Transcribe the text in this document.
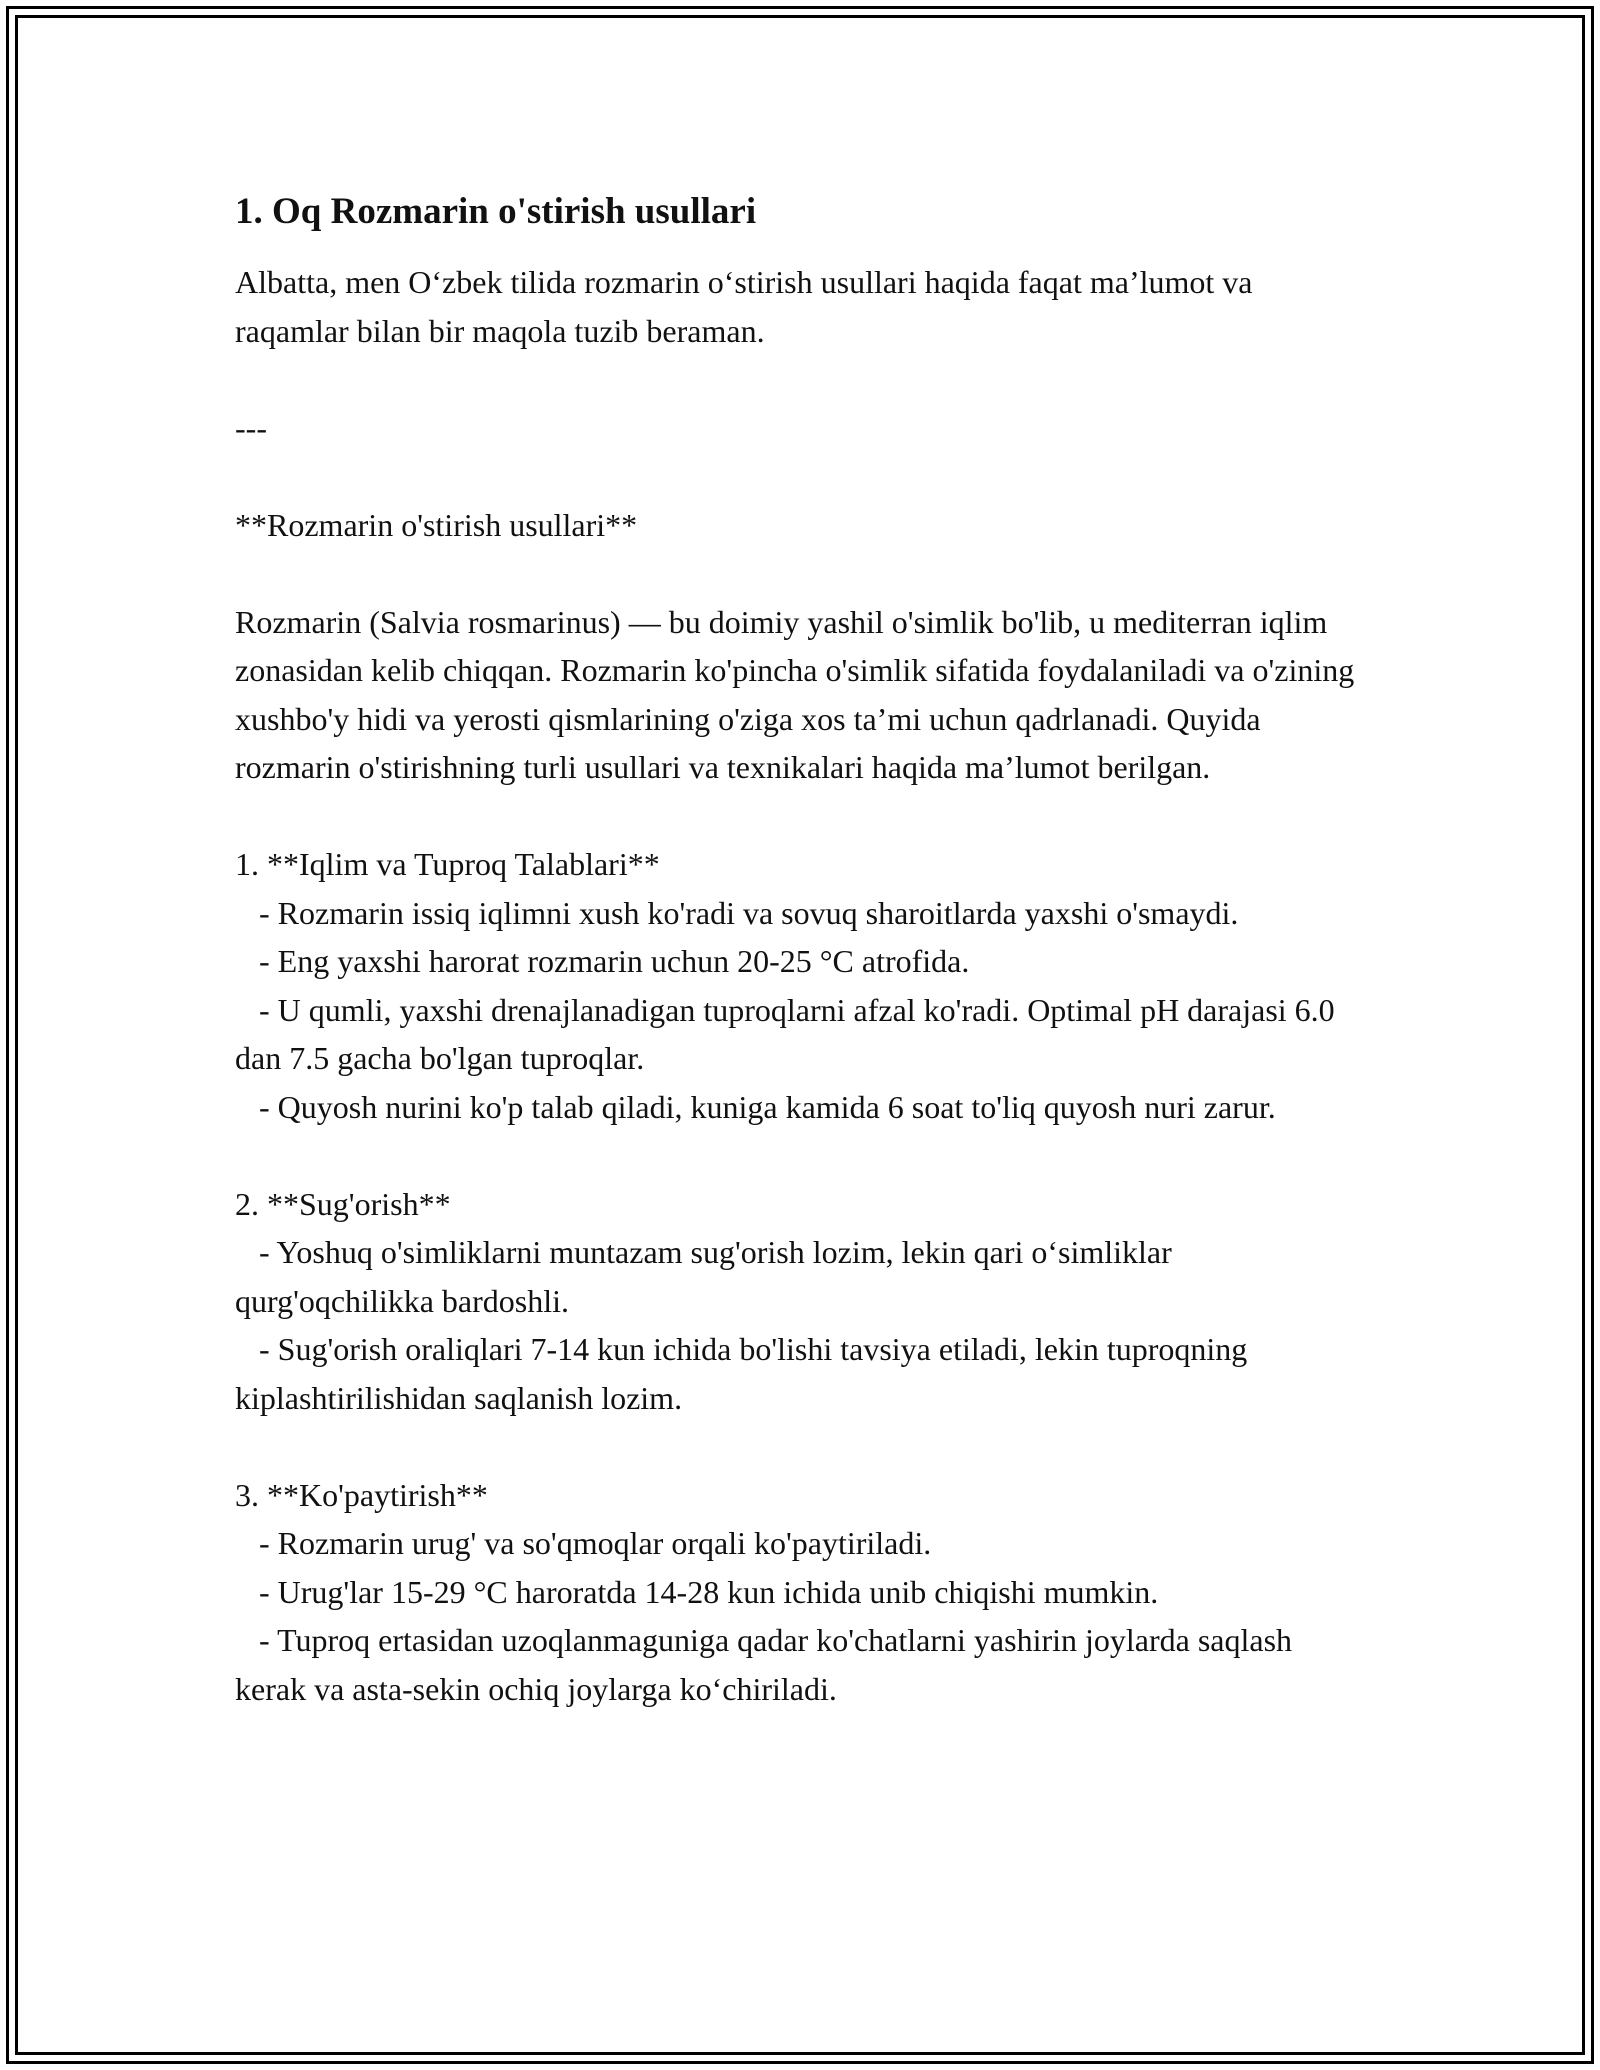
1. Oq Rozmarin o'stirish usullari

Albatta, men O‘zbek tilida rozmarin o‘stirish usullari haqida faqat ma’lumot va raqamlar bilan bir maqola tuzib beraman.

---

**Rozmarin o'stirish usullari**

Rozmarin (Salvia rosmarinus) — bu doimiy yashil o'simlik bo'lib, u mediterran iqlim zonasidan kelib chiqqan. Rozmarin ko'pincha o'simlik sifatida foydalaniladi va o'zining xushbo'y hidi va yerosti qismlarining o'ziga xos ta’mi uchun qadrlanadi. Quyida rozmarin o'stirishning turli usullari va texnikalari haqida ma’lumot berilgan.

1. **Iqlim va Tuproq Talablari**

- Rozmarin issiq iqlimni xush ko'radi va sovuq sharoitlarda yaxshi o'smaydi.

- Eng yaxshi harorat rozmarin uchun 20-25 °C atrofida.

- U qumli, yaxshi drenajlanadigan tuproqlarni afzal ko'radi. Optimal pH darajasi 6.0 dan 7.5 gacha bo'lgan tuproqlar.

- Quyosh nurini ko'p talab qiladi, kuniga kamida 6 soat to'liq quyosh nuri zarur.

2. **Sug'orish**

- Yoshuq o'simliklarni muntazam sug'orish lozim, lekin qari o‘simliklar qurg'oqchilikka bardoshli.

- Sug'orish oraliqlari 7-14 kun ichida bo'lishi tavsiya etiladi, lekin tuproqning kiplashtirilishidan saqlanish lozim.

3. **Ko'paytirish**

- Rozmarin urug' va so'qmoqlar orqali ko'paytiriladi.

- Urug'lar 15-29 °C haroratda 14-28 kun ichida unib chiqishi mumkin.

- Tuproq ertasidan uzoqlanmaguniga qadar ko'chatlarni yashirin joylarda saqlash kerak va asta-sekin ochiq joylarga ko‘chiriladi.
